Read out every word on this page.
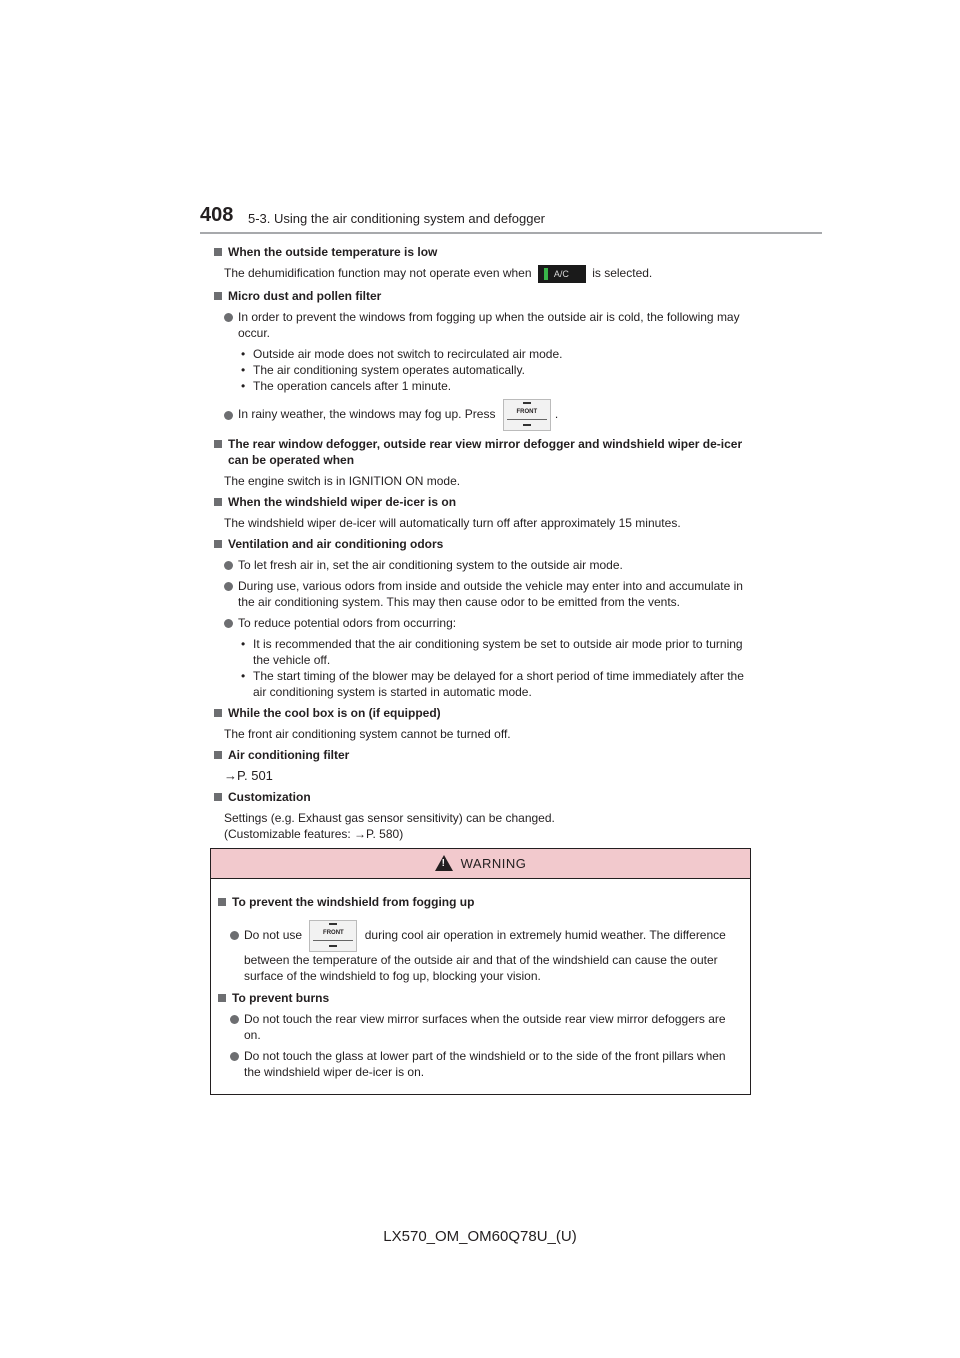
408 5-3. Using the air conditioning system and defogger
When the outside temperature is low
The dehumidification function may not operate even when A/C is selected.
Micro dust and pollen filter
In order to prevent the windows from fogging up when the outside air is cold, the following may occur.
• Outside air mode does not switch to recirculated air mode.
• The air conditioning system operates automatically.
• The operation cancels after 1 minute.
In rainy weather, the windows may fog up. Press	FRONT	.
The rear window defogger, outside rear view mirror defogger and windshield wiper de-icer can be operated when
The engine switch is in IGNITION ON mode.
When the windshield wiper de-icer is on
The windshield wiper de-icer will automatically turn off after approximately 15 minutes.
Ventilation and air conditioning odors
To let fresh air in, set the air conditioning system to the outside air mode.
During use, various odors from inside and outside the vehicle may enter into and accumulate in the air conditioning system. This may then cause odor to be emitted from the vents.
To reduce potential odors from occurring:
• It is recommended that the air conditioning system be set to outside air mode prior to turning the vehicle off.
• The start timing of the blower may be delayed for a short period of time immediately after the air conditioning system is started in automatic mode.
While the cool box is on (if equipped)
The front air conditioning system cannot be turned off.
Air conditioning filter
→P. 501
Customization
Settings (e.g. Exhaust gas sensor sensitivity) can be changed.
(Customizable features: →P. 580)
! WARNING
To prevent the windshield from fogging up
Do not use	FRONT	during cool air operation in extremely humid weather. The difference between the temperature of the outside air and that of the windshield can cause the outer surface of the windshield to fog up, blocking your vision.
To prevent burns
Do not touch the rear view mirror surfaces when the outside rear view mirror defoggers are on.
Do not touch the glass at lower part of the windshield or to the side of the front pillars when the windshield wiper de-icer is on.
LX570_OM_OM60Q78U_(U)
